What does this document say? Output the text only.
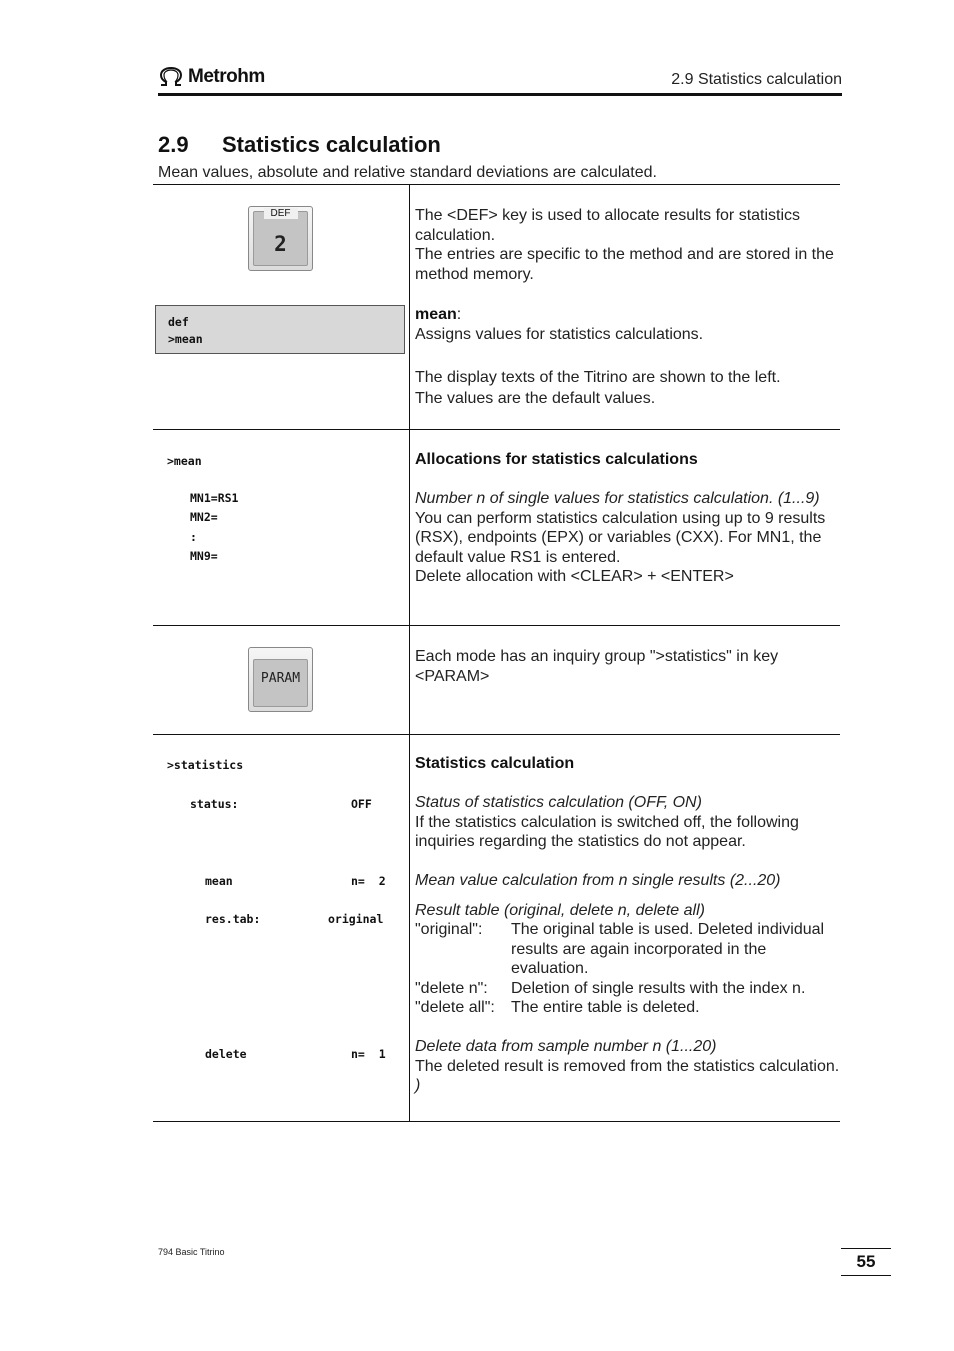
Metrohm	2.9 Statistics calculation
2.9 Statistics calculation
Mean values, absolute and relative standard deviations are calculated.
DEF
2
def
>mean

The <DEF> key is used to allocate results for statistics calculation.

The entries are specific to the method and are stored in the method memory.

mean:

Assigns values for statistics calculations.

The display texts of the Titrino are shown to the left.

The values are the default values.

>mean
MN1=RS1
MN2=
:
MN9=

Allocations for statistics calculations

Number n of single values for statistics calculation. (1...9)

You can perform statistics calculation using up to 9 results (RSX), endpoints (EPX) or variables (CXX). For MN1, the default value RS1 is entered.

Delete allocation with <CLEAR> + <ENTER>

PARAM

Each mode has an inquiry group ">statistics" in key <PARAM>

>statistics
status:	OFF
mean	n=  2
res.tab:	original
delete	n=  1

Statistics calculation

Status of statistics calculation (OFF, ON)

If the statistics calculation is switched off, the following inquiries regarding the statistics do not appear.

Mean value calculation from n single results (2...20)

Result table (original, delete n, delete all)

"original":	The original table is used. Deleted individual results are again incorporated in the evaluation.
"delete n":	Deletion of single results with the index n.
"delete all":	The entire table is deleted.

Delete data from sample number n (1...20)

The deleted result is removed from the statistics calculation. )

794 Basic Titrino	55
